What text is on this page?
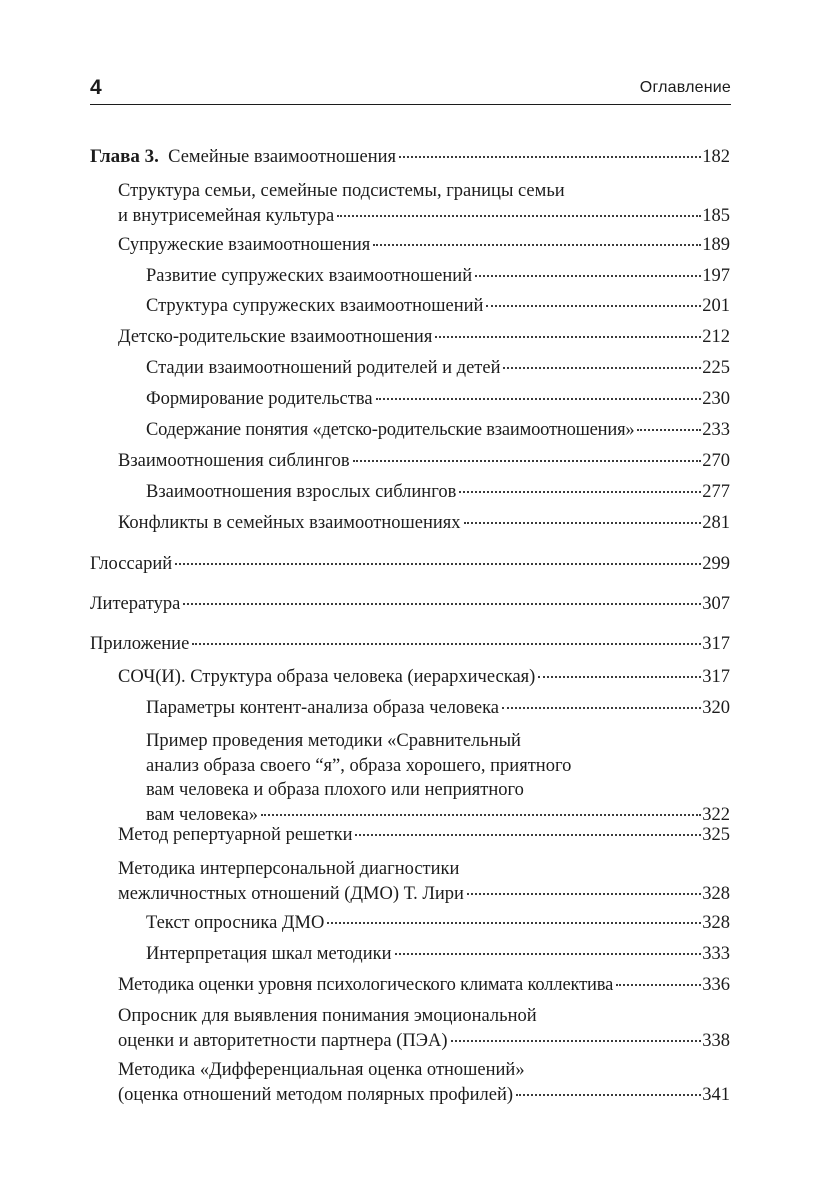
4	Оглавление
Глава 3. Семейные взаимоотношения	182
Структура семьи, семейные подсистемы, границы семьи
и внутрисемейная культура	185
Супружеские взаимоотношения	189
Развитие супружеских взаимоотношений	197
Структура супружеских взаимоотношений	201
Детско-родительские взаимоотношения	212
Стадии взаимоотношений родителей и детей	225
Формирование родительства	230
Содержание понятия «детско-родительские взаимоотношения»	233
Взаимоотношения сиблингов	270
Взаимоотношения взрослых сиблингов	277
Конфликты в семейных взаимоотношениях	281
Глоссарий	299
Литература	307
Приложение	317
СОЧ(И). Структура образа человека (иерархическая)	317
Параметры контент-анализа образа человека	320
Пример проведения методики «Сравнительный
анализ образа своего “я”, образа хорошего, приятного
вам человека и образа плохого или неприятного
вам человека»	322
Метод репертуарной решетки	325
Методика интерперсональной диагностики
межличностных отношений (ДМО) Т. Лири	328
Текст опросника ДМО	328
Интерпретация шкал методики	333
Методика оценки уровня психологического климата коллектива	336
Опросник для выявления понимания эмоциональной
оценки и авторитетности партнера (ПЭА)	338
Методика «Дифференциальная оценка отношений»
(оценка отношений методом полярных профилей)	341
